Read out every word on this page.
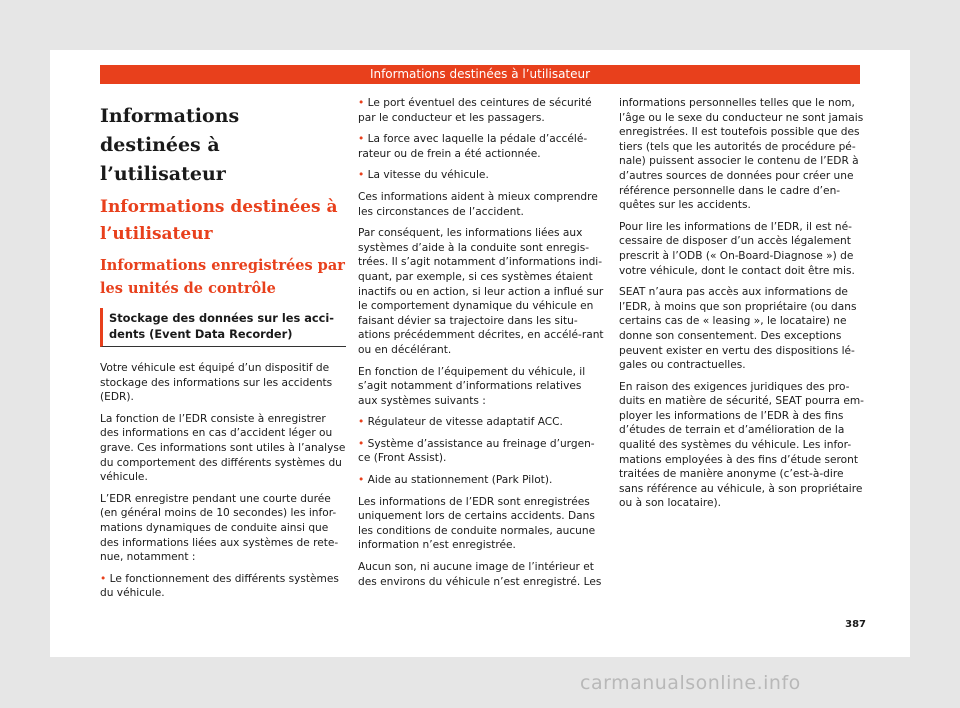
Informations destinées à l’utilisateur
Informations destinées à l’utilisateur
Informations destinées à l’utilisateur
Informations enregistrées par les unités de contrôle
Stockage des données sur les acci-dents (Event Data Recorder)

Votre véhicule est équipé d’un dispositif de stockage des informations sur les accidents (EDR).

La fonction de l’EDR consiste à enregistrer des informations en cas d’accident léger ou grave. Ces informations sont utiles à l’analyse du comportement des différents systèmes du véhicule.

L’EDR enregistre pendant une courte durée (en général moins de 10 secondes) les infor-mations dynamiques de conduite ainsi que des informations liées aux systèmes de rete-nue, notamment :

• Le fonctionnement des différents systèmes du véhicule.

• Le port éventuel des ceintures de sécurité par le conducteur et les passagers.

• La force avec laquelle la pédale d’accélé-rateur ou de frein a été actionnée.

• La vitesse du véhicule.

Ces informations aident à mieux comprendre les circonstances de l’accident.

Par conséquent, les informations liées aux systèmes d’aide à la conduite sont enregis-trées. Il s’agit notamment d’informations indi-quant, par exemple, si ces systèmes étaient inactifs ou en action, si leur action a influé sur le comportement dynamique du véhicule en faisant dévier sa trajectoire dans les situ-ations précédemment décrites, en accélé-rant ou en décélérant.

En fonction de l’équipement du véhicule, il s’agit notamment d’informations relatives aux systèmes suivants :

• Régulateur de vitesse adaptatif ACC.

• Système d’assistance au freinage d’urgen-ce (Front Assist).

• Aide au stationnement (Park Pilot).

Les informations de l’EDR sont enregistrées uniquement lors de certains accidents. Dans les conditions de conduite normales, aucune information n’est enregistrée.

Aucun son, ni aucune image de l’intérieur et des environs du véhicule n’est enregistré. Les

informations personnelles telles que le nom, l’âge ou le sexe du conducteur ne sont jamais enregistrées. Il est toutefois possible que des tiers (tels que les autorités de procédure pé-nale) puissent associer le contenu de l’EDR à d’autres sources de données pour créer une référence personnelle dans le cadre d’en-quêtes sur les accidents.

Pour lire les informations de l’EDR, il est né-cessaire de disposer d’un accès légalement prescrit à l’ODB (« On-Board-Diagnose ») de votre véhicule, dont le contact doit être mis.

SEAT n’aura pas accès aux informations de l’EDR, à moins que son propriétaire (ou dans certains cas de « leasing », le locataire) ne donne son consentement. Des exceptions peuvent exister en vertu des dispositions lé-gales ou contractuelles.

En raison des exigences juridiques des pro-duits en matière de sécurité, SEAT pourra em-ployer les informations de l’EDR à des fins d’études de terrain et d’amélioration de la qualité des systèmes du véhicule. Les infor-mations employées à des fins d’étude seront traitées de manière anonyme (c’est-à-dire sans référence au véhicule, à son propriétaire ou à son locataire).

387
carmanualsonline.info
